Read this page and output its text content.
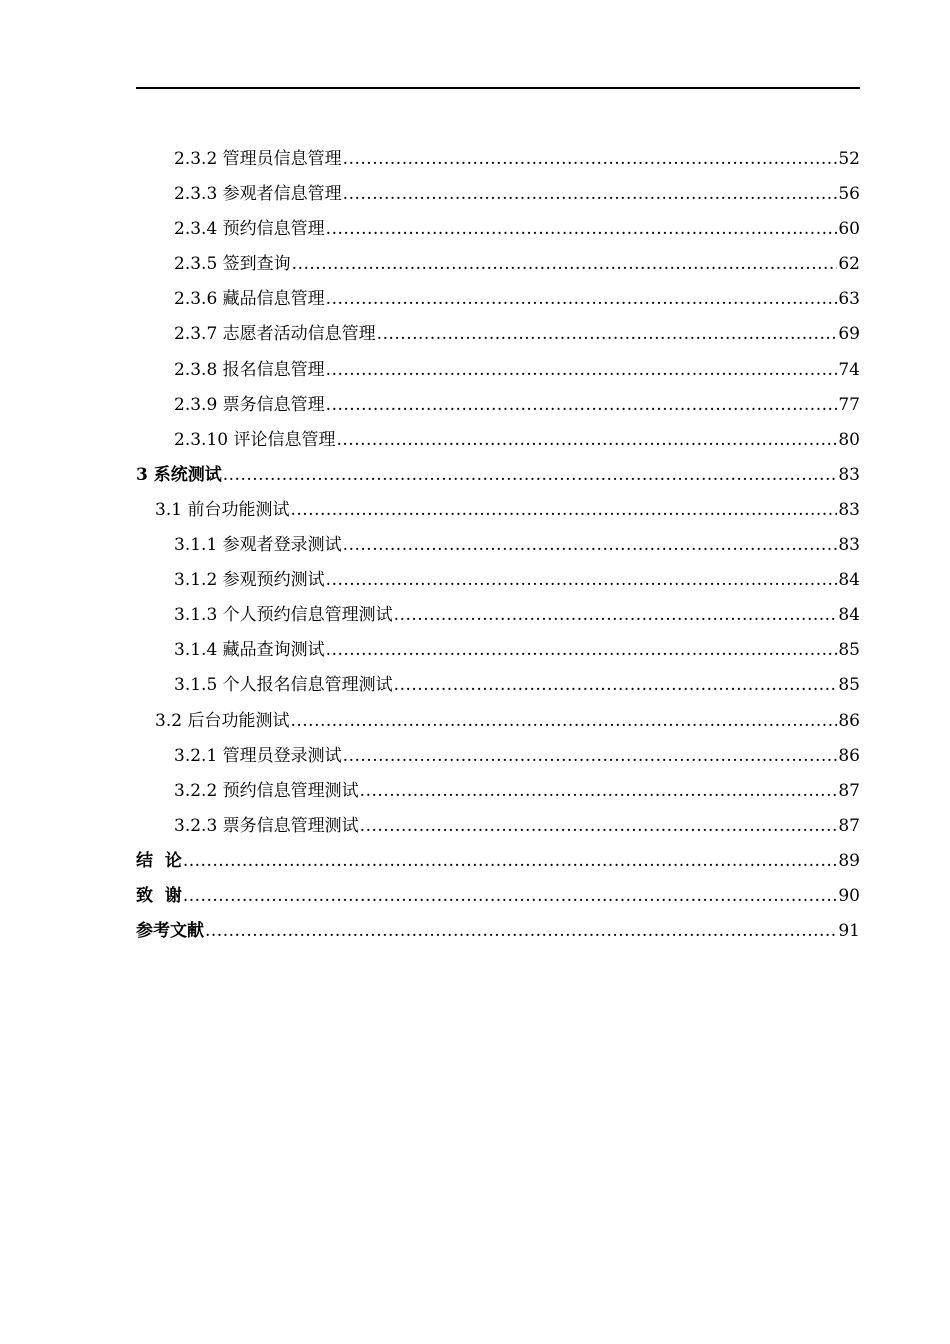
2.3.2 管理员信息管理 .....	52
2.3.3 参观者信息管理 .....	56
2.3.4 预约信息管理 .....	60
2.3.5 签到查询 .....	62
2.3.6 藏品信息管理 .....	63
2.3.7 志愿者活动信息管理 .....	69
2.3.8 报名信息管理 .....	74
2.3.9 票务信息管理 .....	77
2.3.10 评论信息管理 .....	80
3 系统测试 .....	83
3.1 前台功能测试 .....	83
3.1.1 参观者登录测试 .....	83
3.1.2 参观预约测试 .....	84
3.1.3 个人预约信息管理测试 .....	84
3.1.4 藏品查询测试 .....	85
3.1.5 个人报名信息管理测试 .....	85
3.2 后台功能测试 .....	86
3.2.1 管理员登录测试 .....	86
3.2.2 预约信息管理测试 .....	87
3.2.3 票务信息管理测试 .....	87
结  论 .....	89
致  谢 .....	90
参考文献 .....	91
